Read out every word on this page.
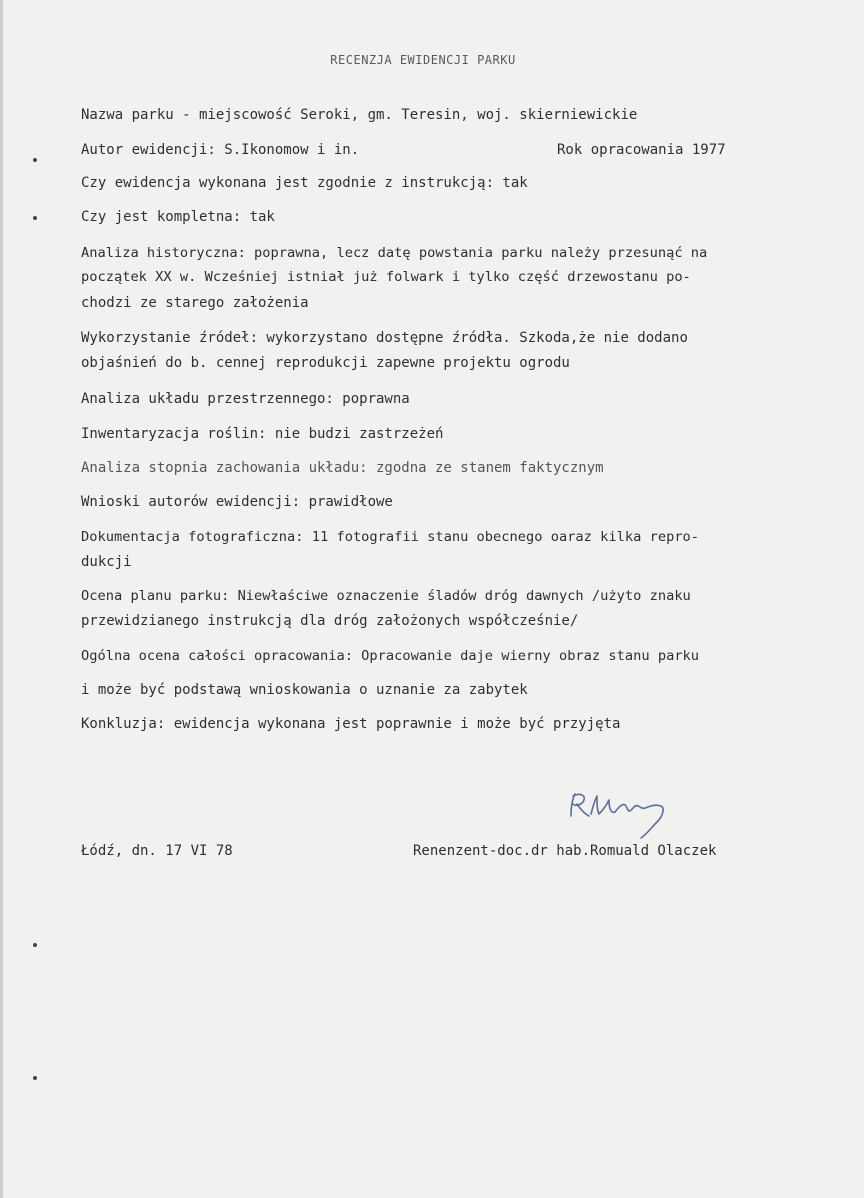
RECENZJA EWIDENCJI PARKU
Nazwa parku - miejscowość Seroki, gm. Teresin, woj. skierniewickie
Autor ewidencji: S.Ikonomow i in.	Rok opracowania 1977
Czy ewidencja wykonana jest zgodnie z instrukcją: tak
Czy jest kompletna: tak
Analiza historyczna: poprawna, lecz datę powstania parku należy przesunąć na
początek XX w. Wcześniej istniał już folwark i tylko część drzewostanu po-
chodzi ze starego założenia
Wykorzystanie źródeł: wykorzystano dostępne źródła. Szkoda,że nie dodano
objaśnień do b. cennej reprodukcji zapewne projektu ogrodu
Analiza układu przestrzennego: poprawna
Inwentaryzacja roślin: nie budzi zastrzeżeń
Analiza stopnia zachowania układu: zgodna ze stanem faktycznym
Wnioski autorów ewidencji: prawidłowe
Dokumentacja fotograficzna: 11 fotografii stanu obecnego oaraz kilka repro-
dukcji
Ocena planu parku: Niewłaściwe oznaczenie śladów dróg dawnych /użyto znaku
przewidzianego instrukcją dla dróg założonych współcześnie/
Ogólna ocena całości opracowania: Opracowanie daje wierny obraz stanu parku
i może być podstawą wnioskowania o uznanie za zabytek
Konkluzja: ewidencja wykonana jest poprawnie i może być przyjęta
Łódź, dn. 17 VI 78	Renenzent-doc.dr hab.Romuald Olaczek
